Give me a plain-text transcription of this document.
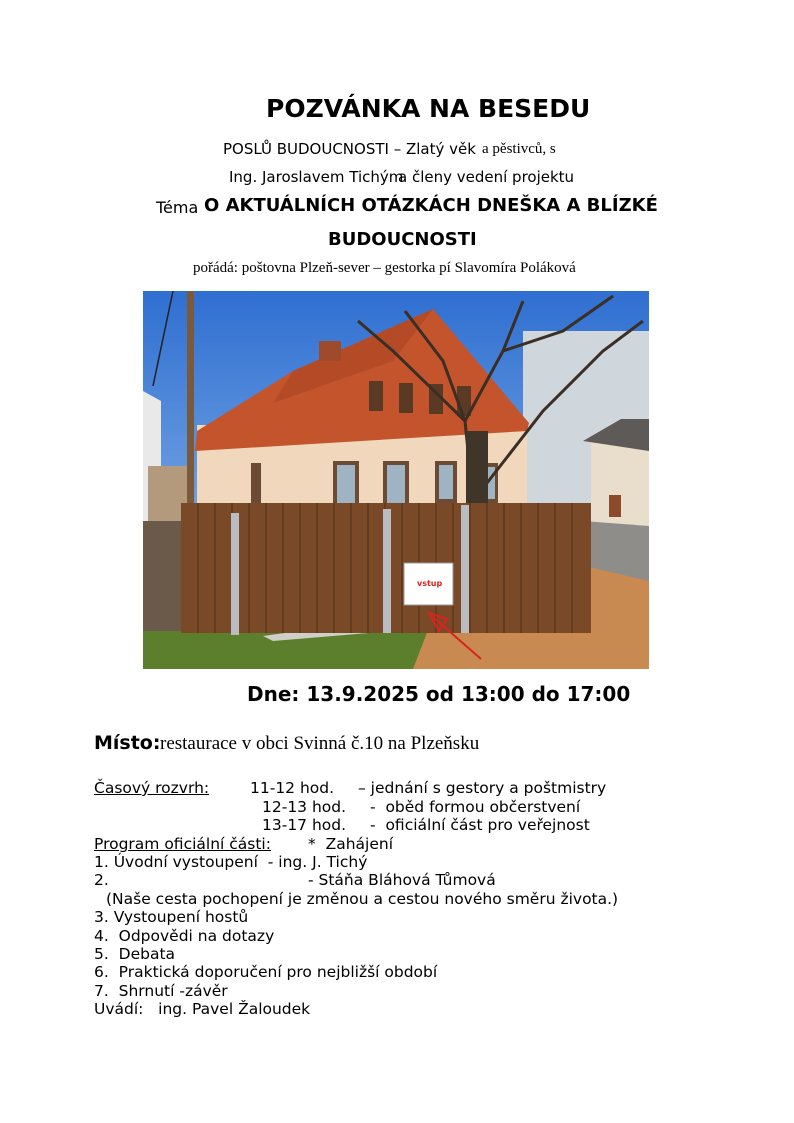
POZVÁNKA NA BESEDU
POSLŮ BUDOUCNOSTI – Zlatý věk a pěstivců, s
Ing. Jaroslavem Tichým
a členy vedení projektu
Téma O AKTUÁLNÍCH OTÁZKÁCH DNEŠKA A BLÍZKÉ
BUDOUCNOSTI
pořádá: poštovna Plzeň-sever – gestorka pí Slavomíra Poláková
vstup
Dne: 13.9.2025 od 13:00 do 17:00
Místo: restaurace v obci Svinná č.10 na Plzeňsku
Časový rozvrh:	11-12 hod. – jednání s gestory a poštmistry
12-13 hod. -  oběd formou občerstvení
13-17 hod. -  oficiální část pro veřejnost
Program oficiální části: *  Zahájení
1. Úvodní vystoupení  - ing. J. Tichý
2.	- Stáňa Bláhová Tůmová
(Naše cesta pochopení je změnou a cestou nového směru života.)
3. Vystoupení hostů
4.  Odpovědi na dotazy
5.  Debata
6.  Praktická doporučení pro nejbližší období
7.  Shrnutí -závěr
Uvádí:   ing. Pavel Žaloudek
